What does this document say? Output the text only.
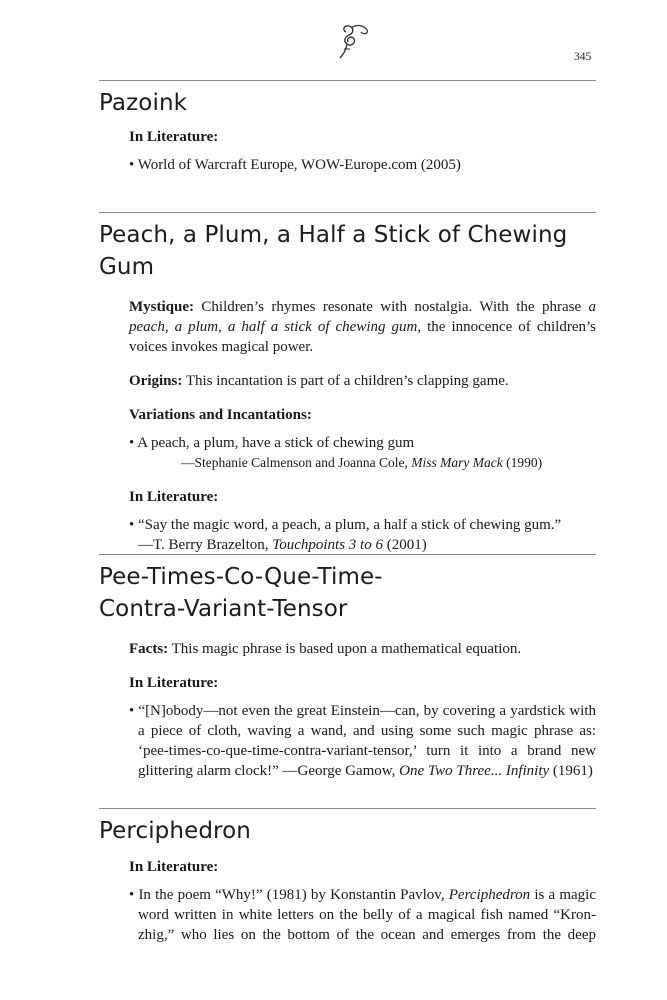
345
Pazoink
In Literature:
• World of Warcraft Europe, WOW-Europe.com (2005)
Peach, a Plum, a Half a Stick of Chewing Gum
Mystique: Children’s rhymes resonate with nostalgia. With the phrase a peach, a plum, a half a stick of chewing gum, the innocence of children’s voices invokes magical power.
Origins: This incantation is part of a children’s clapping game.
Variations and Incantations:
• A peach, a plum, have a stick of chewing gum
—Stephanie Calmenson and Joanna Cole, Miss Mary Mack (1990)
In Literature:
• “Say the magic word, a peach, a plum, a half a stick of chewing gum.”
—T. Berry Brazelton, Touchpoints 3 to 6 (2001)
Pee-Times-Co-Que-Time-
Contra-Variant-Tensor
Facts: This magic phrase is based upon a mathematical equation.
In Literature:
• “[N]obody—not even the great Einstein—can, by covering a yardstick with a piece of cloth, waving a wand, and using some such magic phrase as: ‘pee-times-co-que-time-contra-variant-tensor,’ turn it into a brand new glittering alarm clock!” —George Gamow, One Two Three... Infinity (1961)
Perciphedron
In Literature:
• In the poem “Why!” (1981) by Konstantin Pavlov, Perciphedron is a magic word written in white letters on the belly of a magical fish named “Kron-zhig,” who lies on the bottom of the ocean and emerges from the deep
